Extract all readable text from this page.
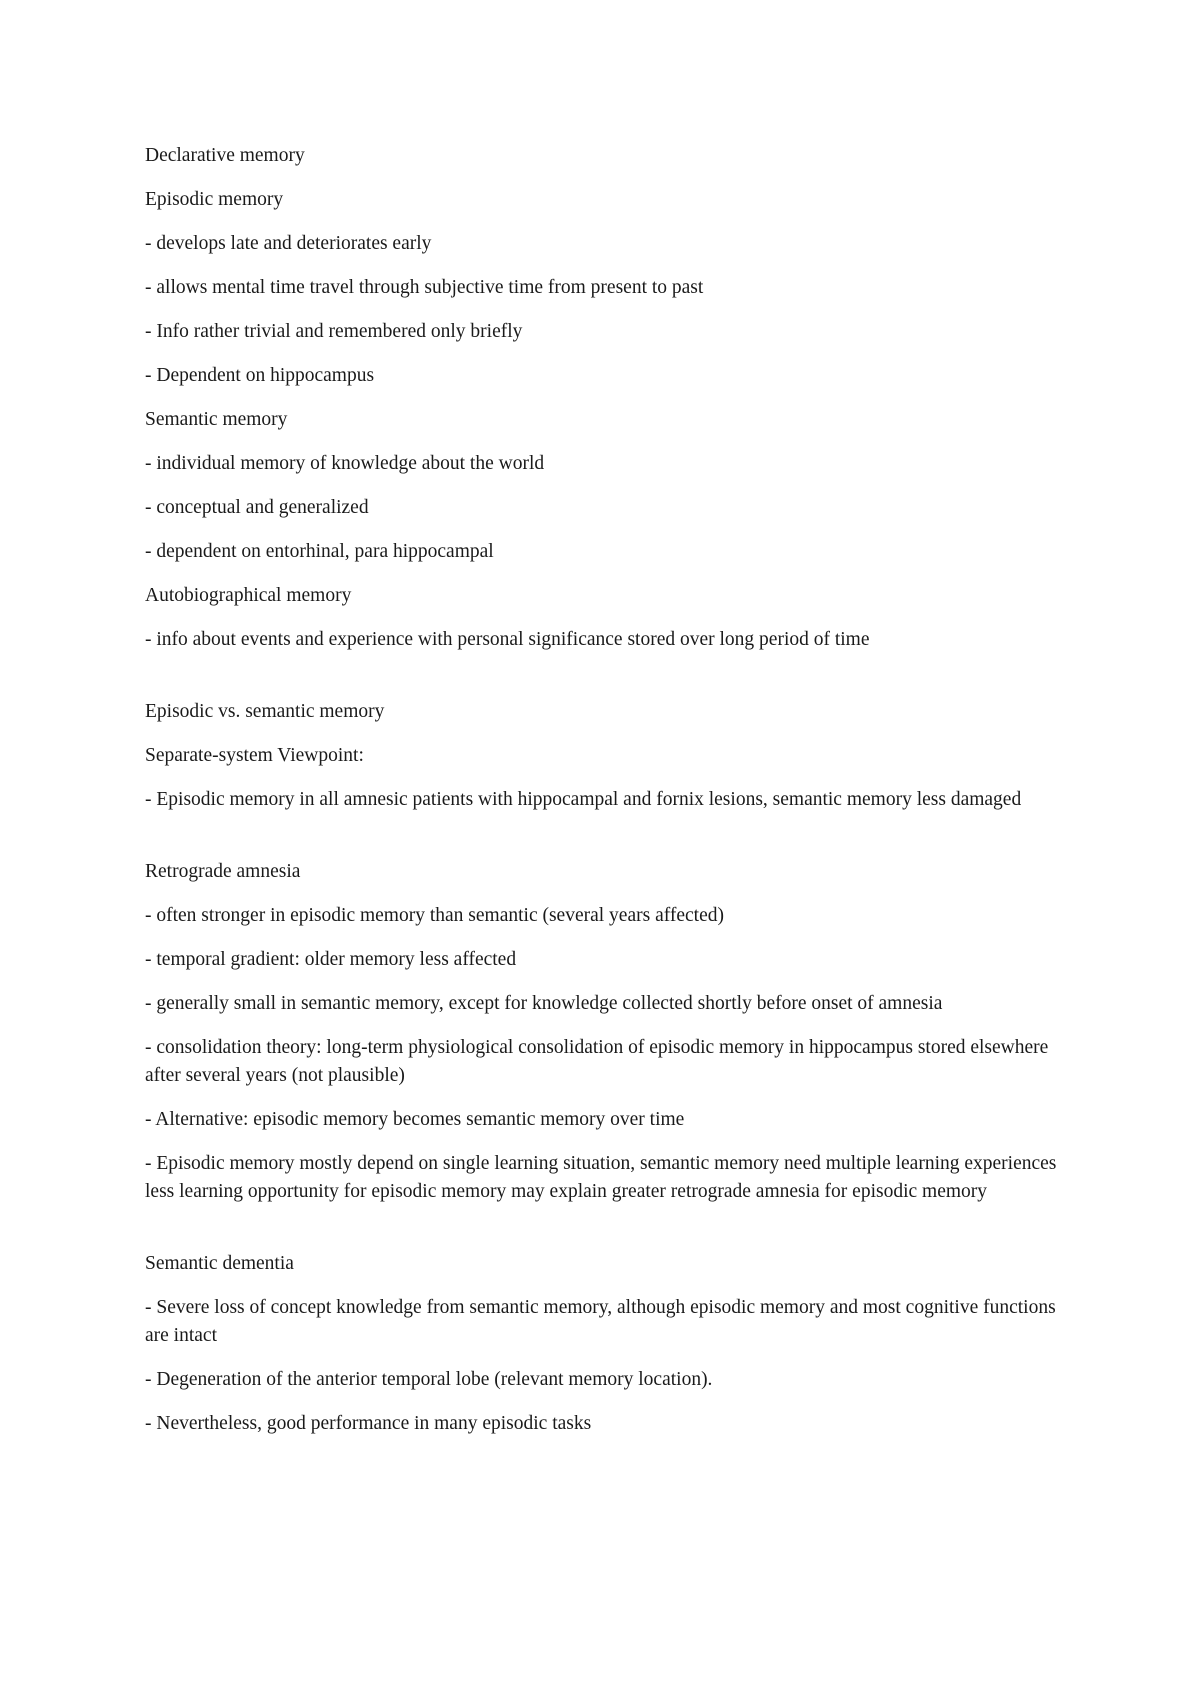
Declarative memory

Episodic memory

- develops late and deteriorates early

- allows mental time travel through subjective time from present to past

- Info rather trivial and remembered only briefly

- Dependent on hippocampus

Semantic memory

- individual memory of knowledge about the world

- conceptual and generalized

- dependent on entorhinal, para hippocampal

Autobiographical memory

- info about events and experience with personal significance stored over long period of time

Episodic vs. semantic memory

Separate-system Viewpoint:

- Episodic memory in all amnesic patients with hippocampal and fornix lesions, semantic memory less damaged

Retrograde amnesia

- often stronger in episodic memory than semantic (several years affected)

- temporal gradient: older memory less affected

- generally small in semantic memory, except for knowledge collected shortly before onset of amnesia

- consolidation theory: long-term physiological consolidation of episodic memory in hippocampus stored elsewhere after several years (not plausible)

- Alternative: episodic memory becomes semantic memory over time

- Episodic memory mostly depend on single learning situation, semantic memory need multiple learning experiences less learning opportunity for episodic memory may explain greater retrograde amnesia for episodic memory

Semantic dementia

- Severe loss of concept knowledge from semantic memory, although episodic memory and most cognitive functions are intact

- Degeneration of the anterior temporal lobe (relevant memory location).

- Nevertheless, good performance in many episodic tasks
